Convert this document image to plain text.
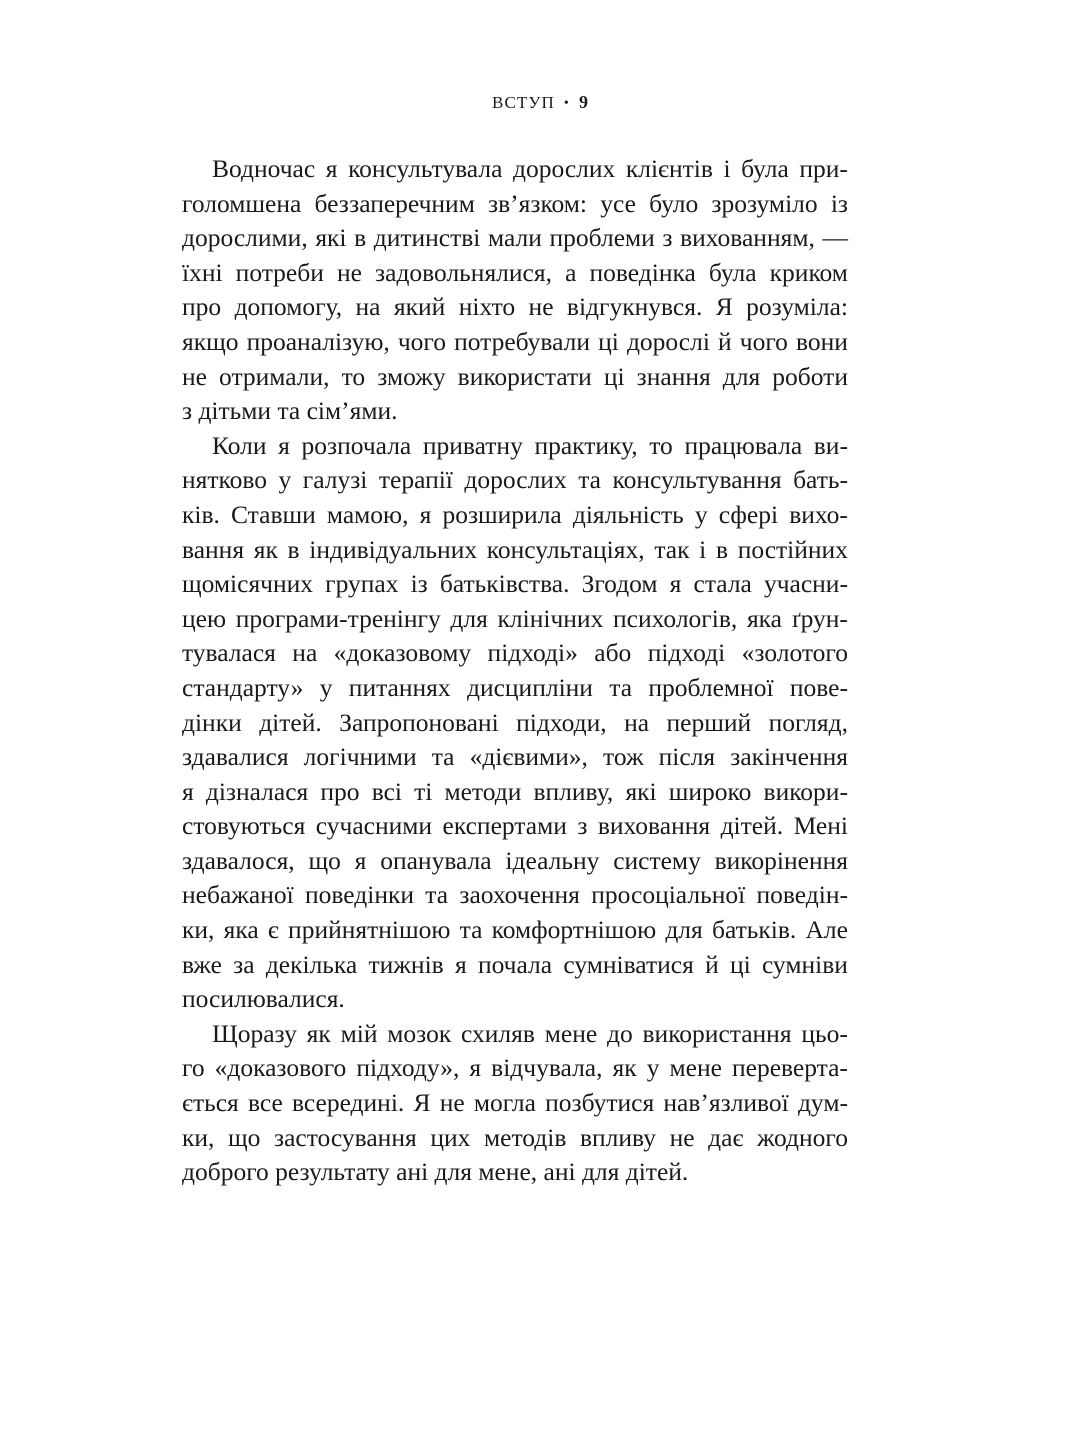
ВСТУП • 9

Водночас я консультувала дорослих клієнтів і була при-
голомшена беззаперечним зв’язком: усе було зрозуміло із
дорослими, які в дитинстві мали проблеми з вихованням, —
їхні потреби не задовольнялися, а поведінка була криком
про допомогу, на який ніхто не відгукнувся. Я розуміла:
якщо проаналізую, чого потребували ці дорослі й чого вони
не отримали, то зможу використати ці знання для роботи
з дітьми та сім’ями.

Коли я розпочала приватну практику, то працювала ви-
нятково у галузі терапії дорослих та консультування бать-
ків. Ставши мамою, я розширила діяльність у сфері вихо-
вання як в індивідуальних консультаціях, так і в постійних
щомісячних групах із батьківства. Згодом я стала учасни-
цею програми-тренінгу для клінічних психологів, яка ґрун-
тувалася на «доказовому підході» або підході «золотого
стандарту» у питаннях дисципліни та проблемної пове-
дінки дітей. Запропоновані підходи, на перший погляд,
здавалися логічними та «дієвими», тож після закінчення
я дізналася про всі ті методи впливу, які широко викори-
стовуються сучасними експертами з виховання дітей. Мені
здавалося, що я опанувала ідеальну систему викорінення
небажаної поведінки та заохочення просоціальної поведін-
ки, яка є прийнятнішою та комфортнішою для батьків. Але
вже за декілька тижнів я почала сумніватися й ці сумніви
посилювалися.

Щоразу як мій мозок схиляв мене до використання цьо-
го «доказового підходу», я відчувала, як у мене переверта-
ється все всередині. Я не могла позбутися нав’язливої дум-
ки, що застосування цих методів впливу не дає жодного
доброго результату ані для мене, ані для дітей.
